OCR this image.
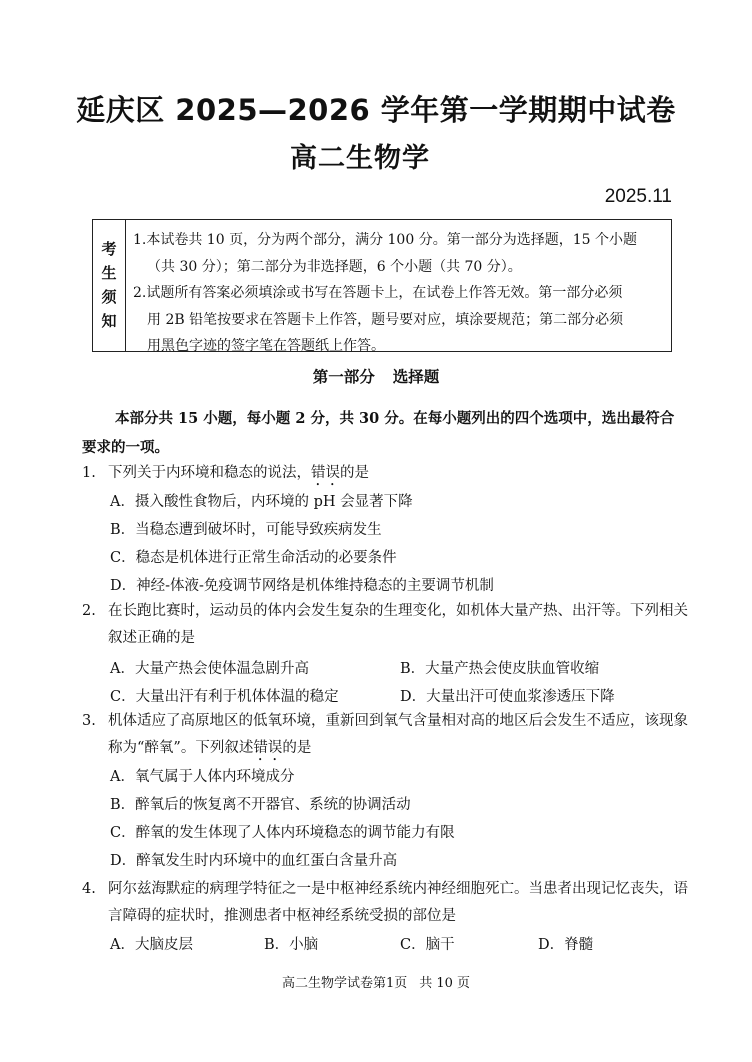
延庆区 2025—2026 学年第一学期期中试卷
高二生物学
2025.11
考
生
须
知

1.本试卷共 10 页，分为两个部分，满分 100 分。第一部分为选择题，15 个小题

（共 30 分）；第二部分为非选择题，6 个小题（共 70 分）。

2.试题所有答案必须填涂或书写在答题卡上，在试卷上作答无效。第一部分必须

用 2B 铅笔按要求在答题卡上作答，题号要对应，填涂要规范；第二部分必须

用黑色字迹的签字笔在答题纸上作答。

第一部分 选择题
本部分共 15 小题，每小题 2 分，共 30 分。在每小题列出的四个选项中，选出最符合要求的一项。
1. 下列关于内环境和稳态的说法，错误的是
A．摄入酸性食物后，内环境的 pH 会显著下降
B．当稳态遭到破坏时，可能导致疾病发生
C．稳态是机体进行正常生命活动的必要条件
D．神经-体液-免疫调节网络是机体维持稳态的主要调节机制
2. 在长跑比赛时，运动员的体内会发生复杂的生理变化，如机体大量产热、出汗等。下列相关叙述正确的是
A．大量产热会使体温急剧升高	B．大量产热会使皮肤血管收缩
C．大量出汗有利于机体体温的稳定	D．大量出汗可使血浆渗透压下降
3. 机体适应了高原地区的低氧环境，重新回到氧气含量相对高的地区后会发生不适应，该现象称为“醉氧”。下列叙述错误的是
A．氧气属于人体内环境成分
B．醉氧后的恢复离不开器官、系统的协调活动
C．醉氧的发生体现了人体内环境稳态的调节能力有限
D．醉氧发生时内环境中的血红蛋白含量升高
4. 阿尔兹海默症的病理学特征之一是中枢神经系统内神经细胞死亡。当患者出现记忆丧失，语言障碍的症状时，推测患者中枢神经系统受损的部位是
A．大脑皮层	B．小脑	C．脑干	D．脊髓
高二生物学试卷第1页 共 10 页
